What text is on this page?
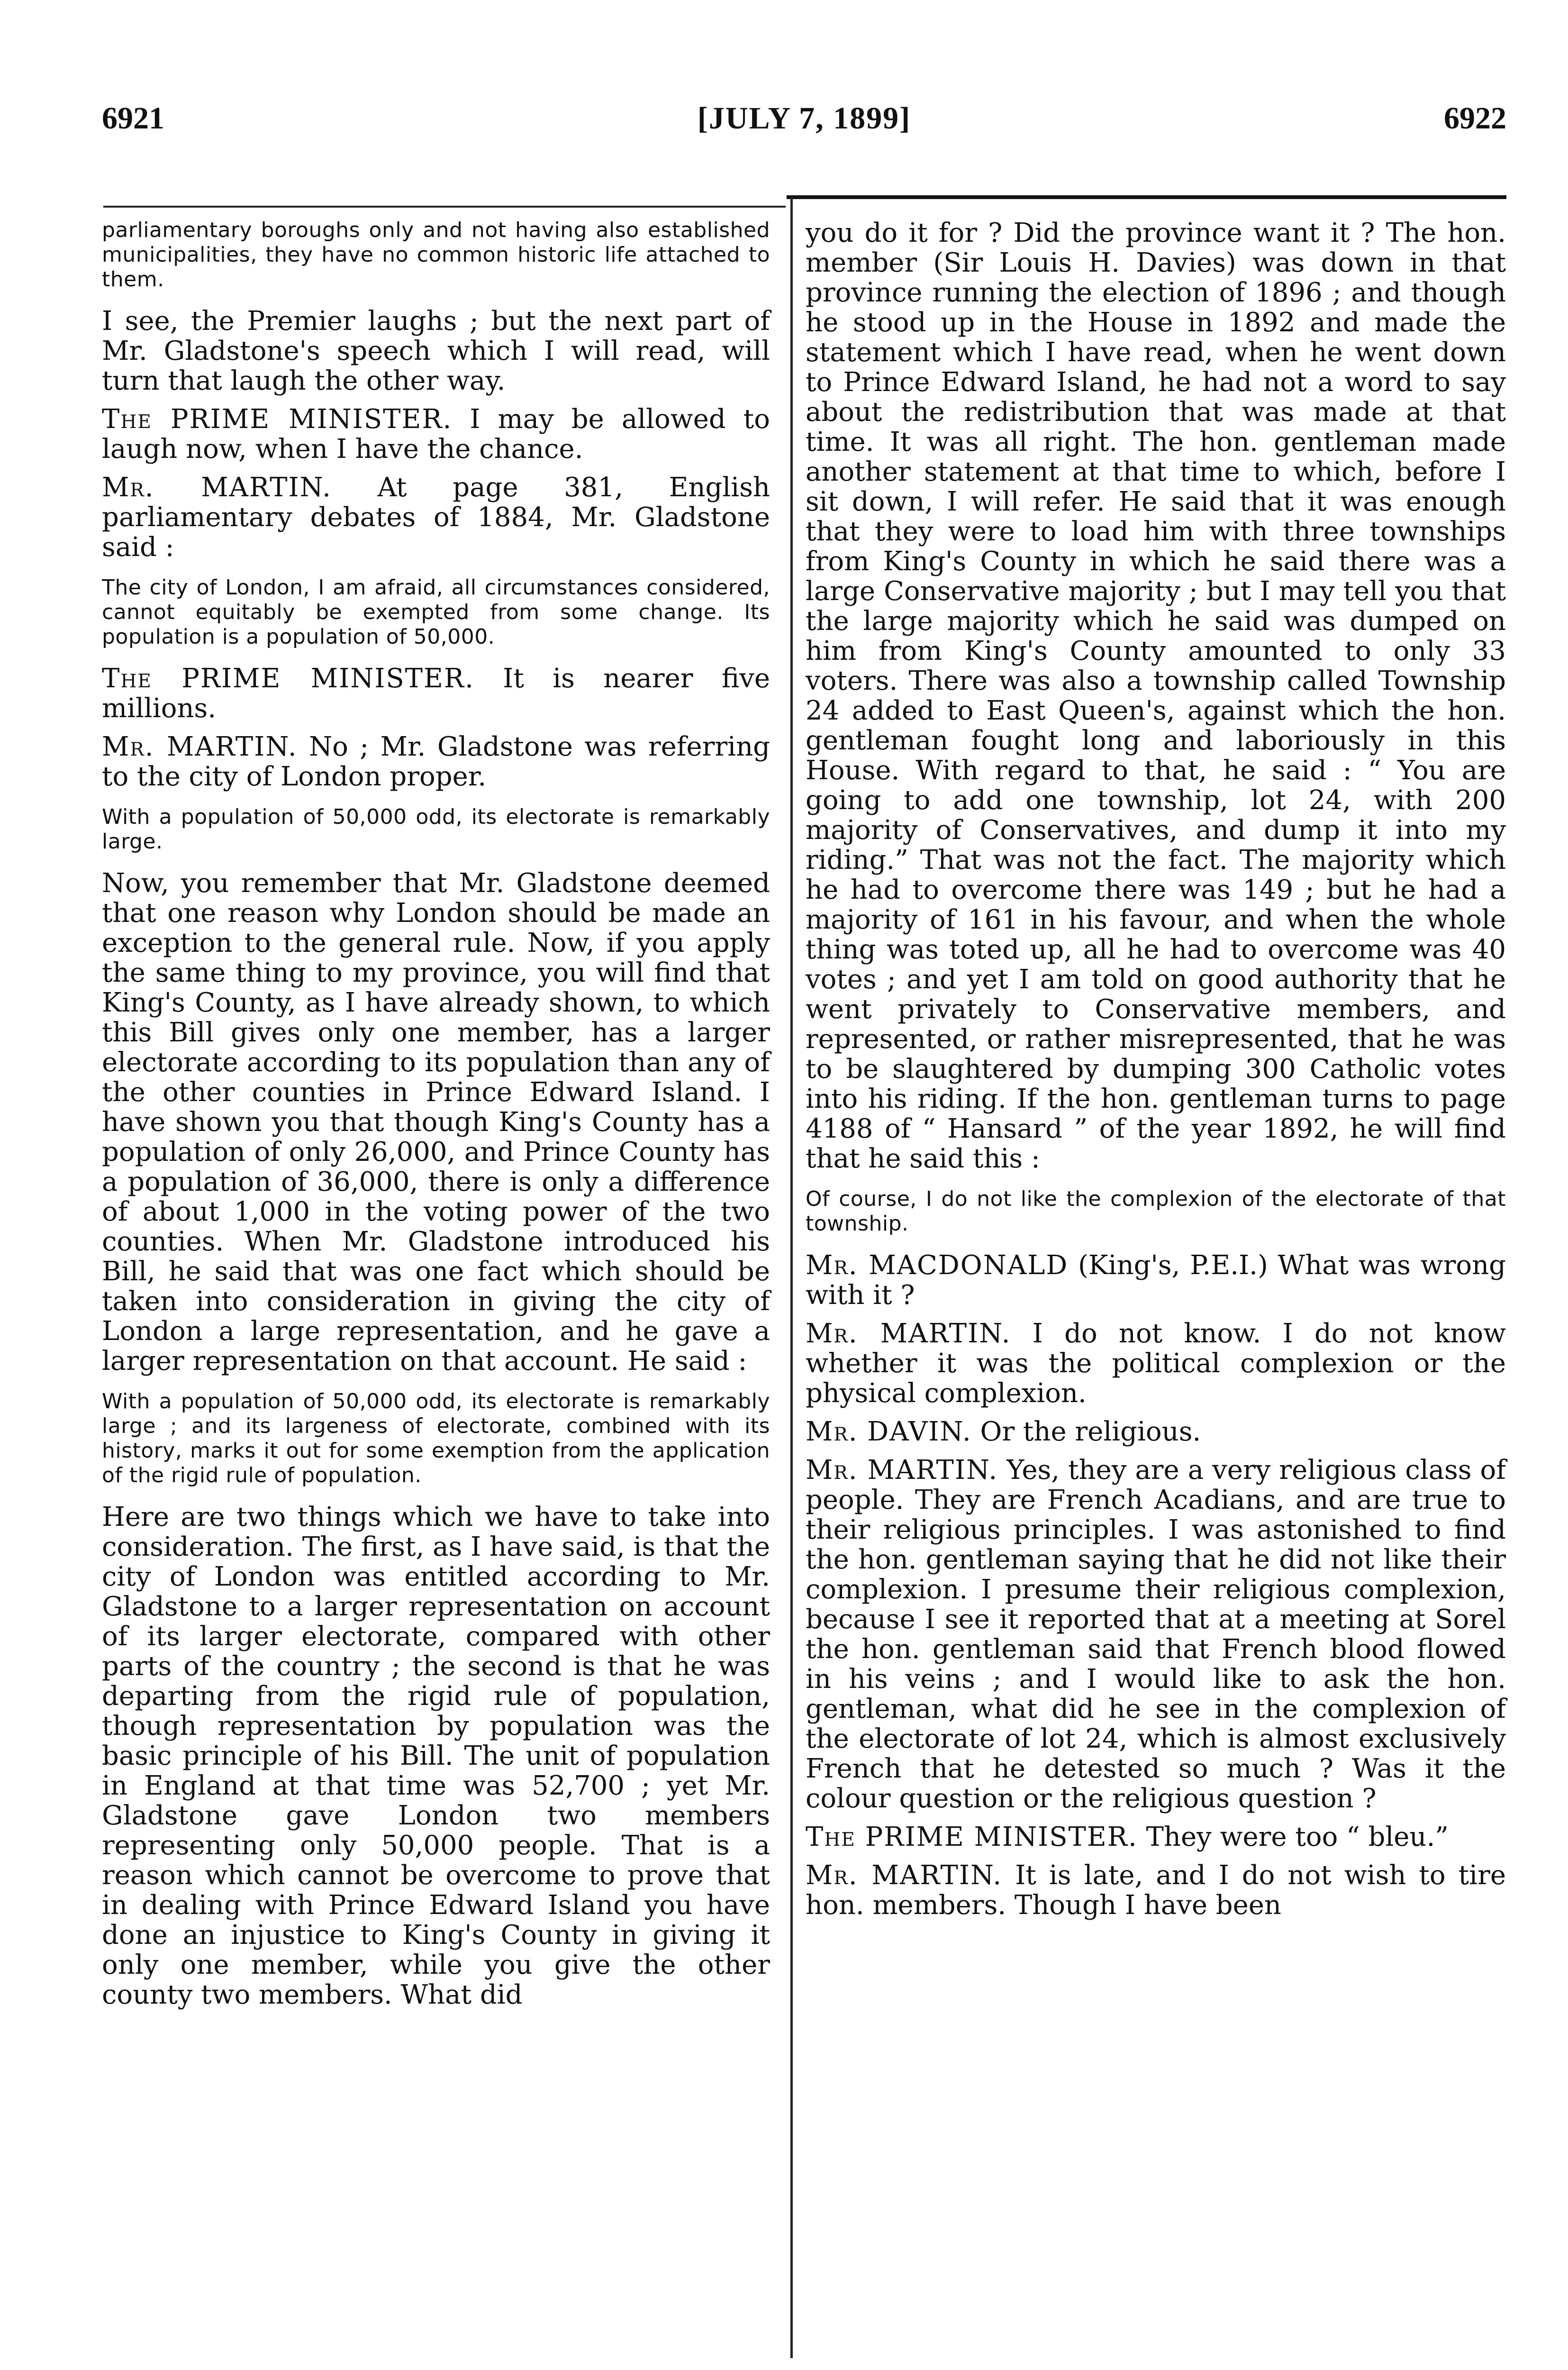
6921	[JULY 7, 1899]	6922
parliamentary boroughs only and not having also established municipalities, they have no common historic life attached to them.
I see, the Premier laughs ; but the next part of Mr. Gladstone's speech which I will read, will turn that laugh the other way.
The PRIME MINISTER. I may be allowed to laugh now, when I have the chance.
Mr. MARTIN. At page 381, English parliamentary debates of 1884, Mr. Gladstone said :
The city of London, I am afraid, all circumstances considered, cannot equitably be exempted from some change. Its population is a population of 50,000.
The PRIME MINISTER. It is nearer five millions.
Mr. MARTIN. No ; Mr. Gladstone was referring to the city of London proper.
With a population of 50,000 odd, its electorate is remarkably large.
Now, you remember that Mr. Gladstone deemed that one reason why London should be made an exception to the general rule. Now, if you apply the same thing to my province, you will find that King's County, as I have already shown, to which this Bill gives only one member, has a larger electorate according to its population than any of the other counties in Prince Edward Island. I have shown you that though King's County has a population of only 26,000, and Prince County has a population of 36,000, there is only a difference of about 1,000 in the voting power of the two counties. When Mr. Gladstone introduced his Bill, he said that was one fact which should be taken into consideration in giving the city of London a large representation, and he gave a larger representation on that account. He said :
With a population of 50,000 odd, its electorate is remarkably large ; and its largeness of electorate, combined with its history, marks it out for some exemption from the application of the rigid rule of population.
Here are two things which we have to take into consideration. The first, as I have said, is that the city of London was entitled according to Mr. Gladstone to a larger representation on account of its larger electorate, compared with other parts of the country ; the second is that he was departing from the rigid rule of population, though representation by population was the basic principle of his Bill. The unit of population in England at that time was 52,700 ; yet Mr. Gladstone gave London two members representing only 50,000 people. That is a reason which cannot be overcome to prove that in dealing with Prince Edward Island you have done an injustice to King's County in giving it only one member, while you give the other county two members. What did
you do it for ? Did the province want it ? The hon. member (Sir Louis H. Davies) was down in that province running the election of 1896 ; and though he stood up in the House in 1892 and made the statement which I have read, when he went down to Prince Edward Island, he had not a word to say about the redistribution that was made at that time. It was all right. The hon. gentleman made another statement at that time to which, before I sit down, I will refer. He said that it was enough that they were to load him with three townships from King's County in which he said there was a large Conservative majority ; but I may tell you that the large majority which he said was dumped on him from King's County amounted to only 33 voters. There was also a township called Township 24 added to East Queen's, against which the hon. gentleman fought long and laboriously in this House. With regard to that, he said : “ You are going to add one township, lot 24, with 200 majority of Conservatives, and dump it into my riding.” That was not the fact. The majority which he had to overcome there was 149 ; but he had a majority of 161 in his favour, and when the whole thing was toted up, all he had to overcome was 40 votes ; and yet I am told on good authority that he went privately to Conservative members, and represented, or rather misrepresented, that he was to be slaughtered by dumping 300 Catholic votes into his riding. If the hon. gentleman turns to page 4188 of “ Hansard ” of the year 1892, he will find that he said this :
Of course, I do not like the complexion of the electorate of that township.
Mr. MACDONALD (King's, P.E.I.) What was wrong with it ?
Mr. MARTIN. I do not know. I do not know whether it was the political complexion or the physical complexion.
Mr. DAVIN. Or the religious.
Mr. MARTIN. Yes, they are a very religious class of people. They are French Acadians, and are true to their religious principles. I was astonished to find the hon. gentleman saying that he did not like their complexion. I presume their religious complexion, because I see it reported that at a meeting at Sorel the hon. gentleman said that French blood flowed in his veins ; and I would like to ask the hon. gentleman, what did he see in the complexion of the electorate of lot 24, which is almost exclusively French that he detested so much ? Was it the colour question or the religious question ?
The PRIME MINISTER. They were too “ bleu.”
Mr. MARTIN. It is late, and I do not wish to tire hon. members. Though I have been
